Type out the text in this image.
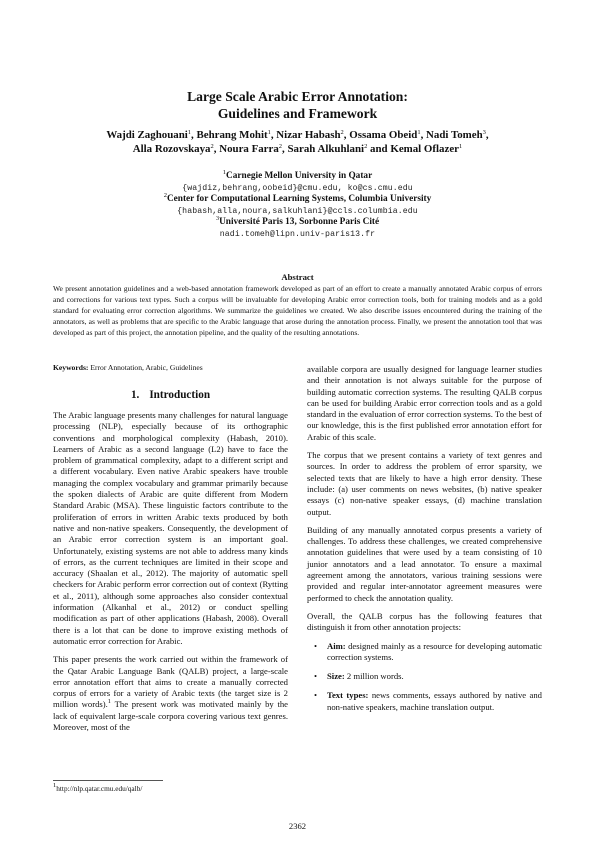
Large Scale Arabic Error Annotation:
Guidelines and Framework
Wajdi Zaghouani$^1$, Behrang Mohit$^1$, Nizar Habash$^2$, Ossama Obeid$^1$, Nadi Tomeh$^3$,
Alla Rozovskaya$^2$, Noura Farra$^2$, Sarah Alkuhlani$^2$ and Kemal Oflazer$^1$
$^1$Carnegie Mellon University in Qatar
{wajdiz,behrang,oobeid}@cmu.edu, ko@cs.cmu.edu
$^2$Center for Computational Learning Systems, Columbia University
{habash,alla,noura,salkuhlani}@ccls.columbia.edu
$^3$Université Paris 13, Sorbonne Paris Cité
nadi.tomeh@lipn.univ-paris13.fr
Abstract
We present annotation guidelines and a web-based annotation framework developed as part of an effort to create a manually annotated Arabic corpus of errors and corrections for various text types. Such a corpus will be invaluable for developing Arabic error correction tools, both for training models and as a gold standard for evaluating error correction algorithms. We summarize the guidelines we created. We also describe issues encountered during the training of the annotators, as well as problems that are specific to the Arabic language that arose during the annotation process. Finally, we present the annotation tool that was developed as part of this project, the annotation pipeline, and the quality of the resulting annotations.
Keywords: Error Annotation, Arabic, Guidelines
1. Introduction

The Arabic language presents many challenges for natural language processing (NLP), especially because of its orthographic conventions and morphological complexity (Habash, 2010). Learners of Arabic as a second language (L2) have to face the problem of grammatical complexity, adapt to a different script and a different vocabulary. Even native Arabic speakers have trouble managing the complex vocabulary and grammar primarily because the spoken dialects of Arabic are quite different from Modern Standard Arabic (MSA). These linguistic factors contribute to the proliferation of errors in written Arabic texts produced by both native and non-native speakers. Consequently, the development of an Arabic error correction system is an important goal. Unfortunately, existing systems are not able to address many kinds of errors, as the current techniques are limited in their scope and accuracy (Shaalan et al., 2012). The majority of automatic spell checkers for Arabic perform error correction out of context (Rytting et al., 2011), although some approaches also consider contextual information (Alkanhal et al., 2012) or conduct spelling modification as part of other applications (Habash, 2008). Overall there is a lot that can be done to improve existing methods of automatic error correction for Arabic.

This paper presents the work carried out within the framework of the Qatar Arabic Language Bank (QALB) project, a large-scale error annotation effort that aims to create a manually corrected corpus of errors for a variety of Arabic texts (the target size is 2 million words).$^1$ The present work was motivated mainly by the lack of equivalent large-scale corpora covering various text genres. Moreover, most of the

available corpora are usually designed for language learner studies and their annotation is not always suitable for the purpose of building automatic correction systems. The resulting QALB corpus can be used for building Arabic error correction tools and as a gold standard in the evaluation of error correction systems. To the best of our knowledge, this is the first published error annotation effort for Arabic of this scale.

The corpus that we present contains a variety of text genres and sources. In order to address the problem of error sparsity, we selected texts that are likely to have a high error density. These include: (a) user comments on news websites, (b) native speaker essays (c) non-native speaker essays, (d) machine translation output.

Building of any manually annotated corpus presents a variety of challenges. To address these challenges, we created comprehensive annotation guidelines that were used by a team consisting of 10 junior annotators and a lead annotator. To ensure a maximal agreement among the annotators, various training sessions were provided and regular inter-annotator agreement measures were performed to check the annotation quality.

Overall, the QALB corpus has the following features that distinguish it from other annotation projects:

• Aim: designed mainly as a resource for developing automatic correction systems.
• Size: 2 million words.
• Text types: news comments, essays authored by native and non-native speakers, machine translation output.
$^1$http://nlp.qatar.cmu.edu/qalb/
2362
